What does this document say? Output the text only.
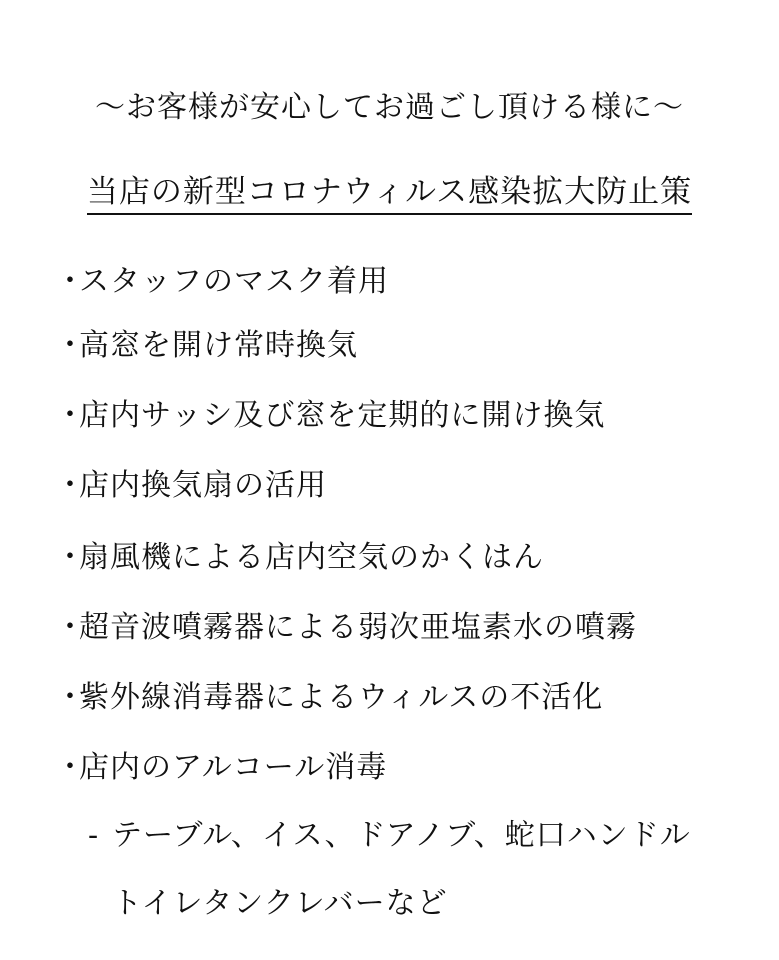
〜お客様が安心してお過ごし頂ける様に〜
当店の新型コロナウィルス感染拡大防止策
・スタッフのマスク着用
・高窓を開け常時換気
・店内サッシ及び窓を定期的に開け換気
・店内換気扇の活用
・扇風機による店内空気のかくはん
・超音波噴霧器による弱次亜塩素水の噴霧
・紫外線消毒器によるウィルスの不活化
・店内のアルコール消毒
- テーブル、イス、ドアノブ、蛇口ハンドル
トイレタンクレバーなど
